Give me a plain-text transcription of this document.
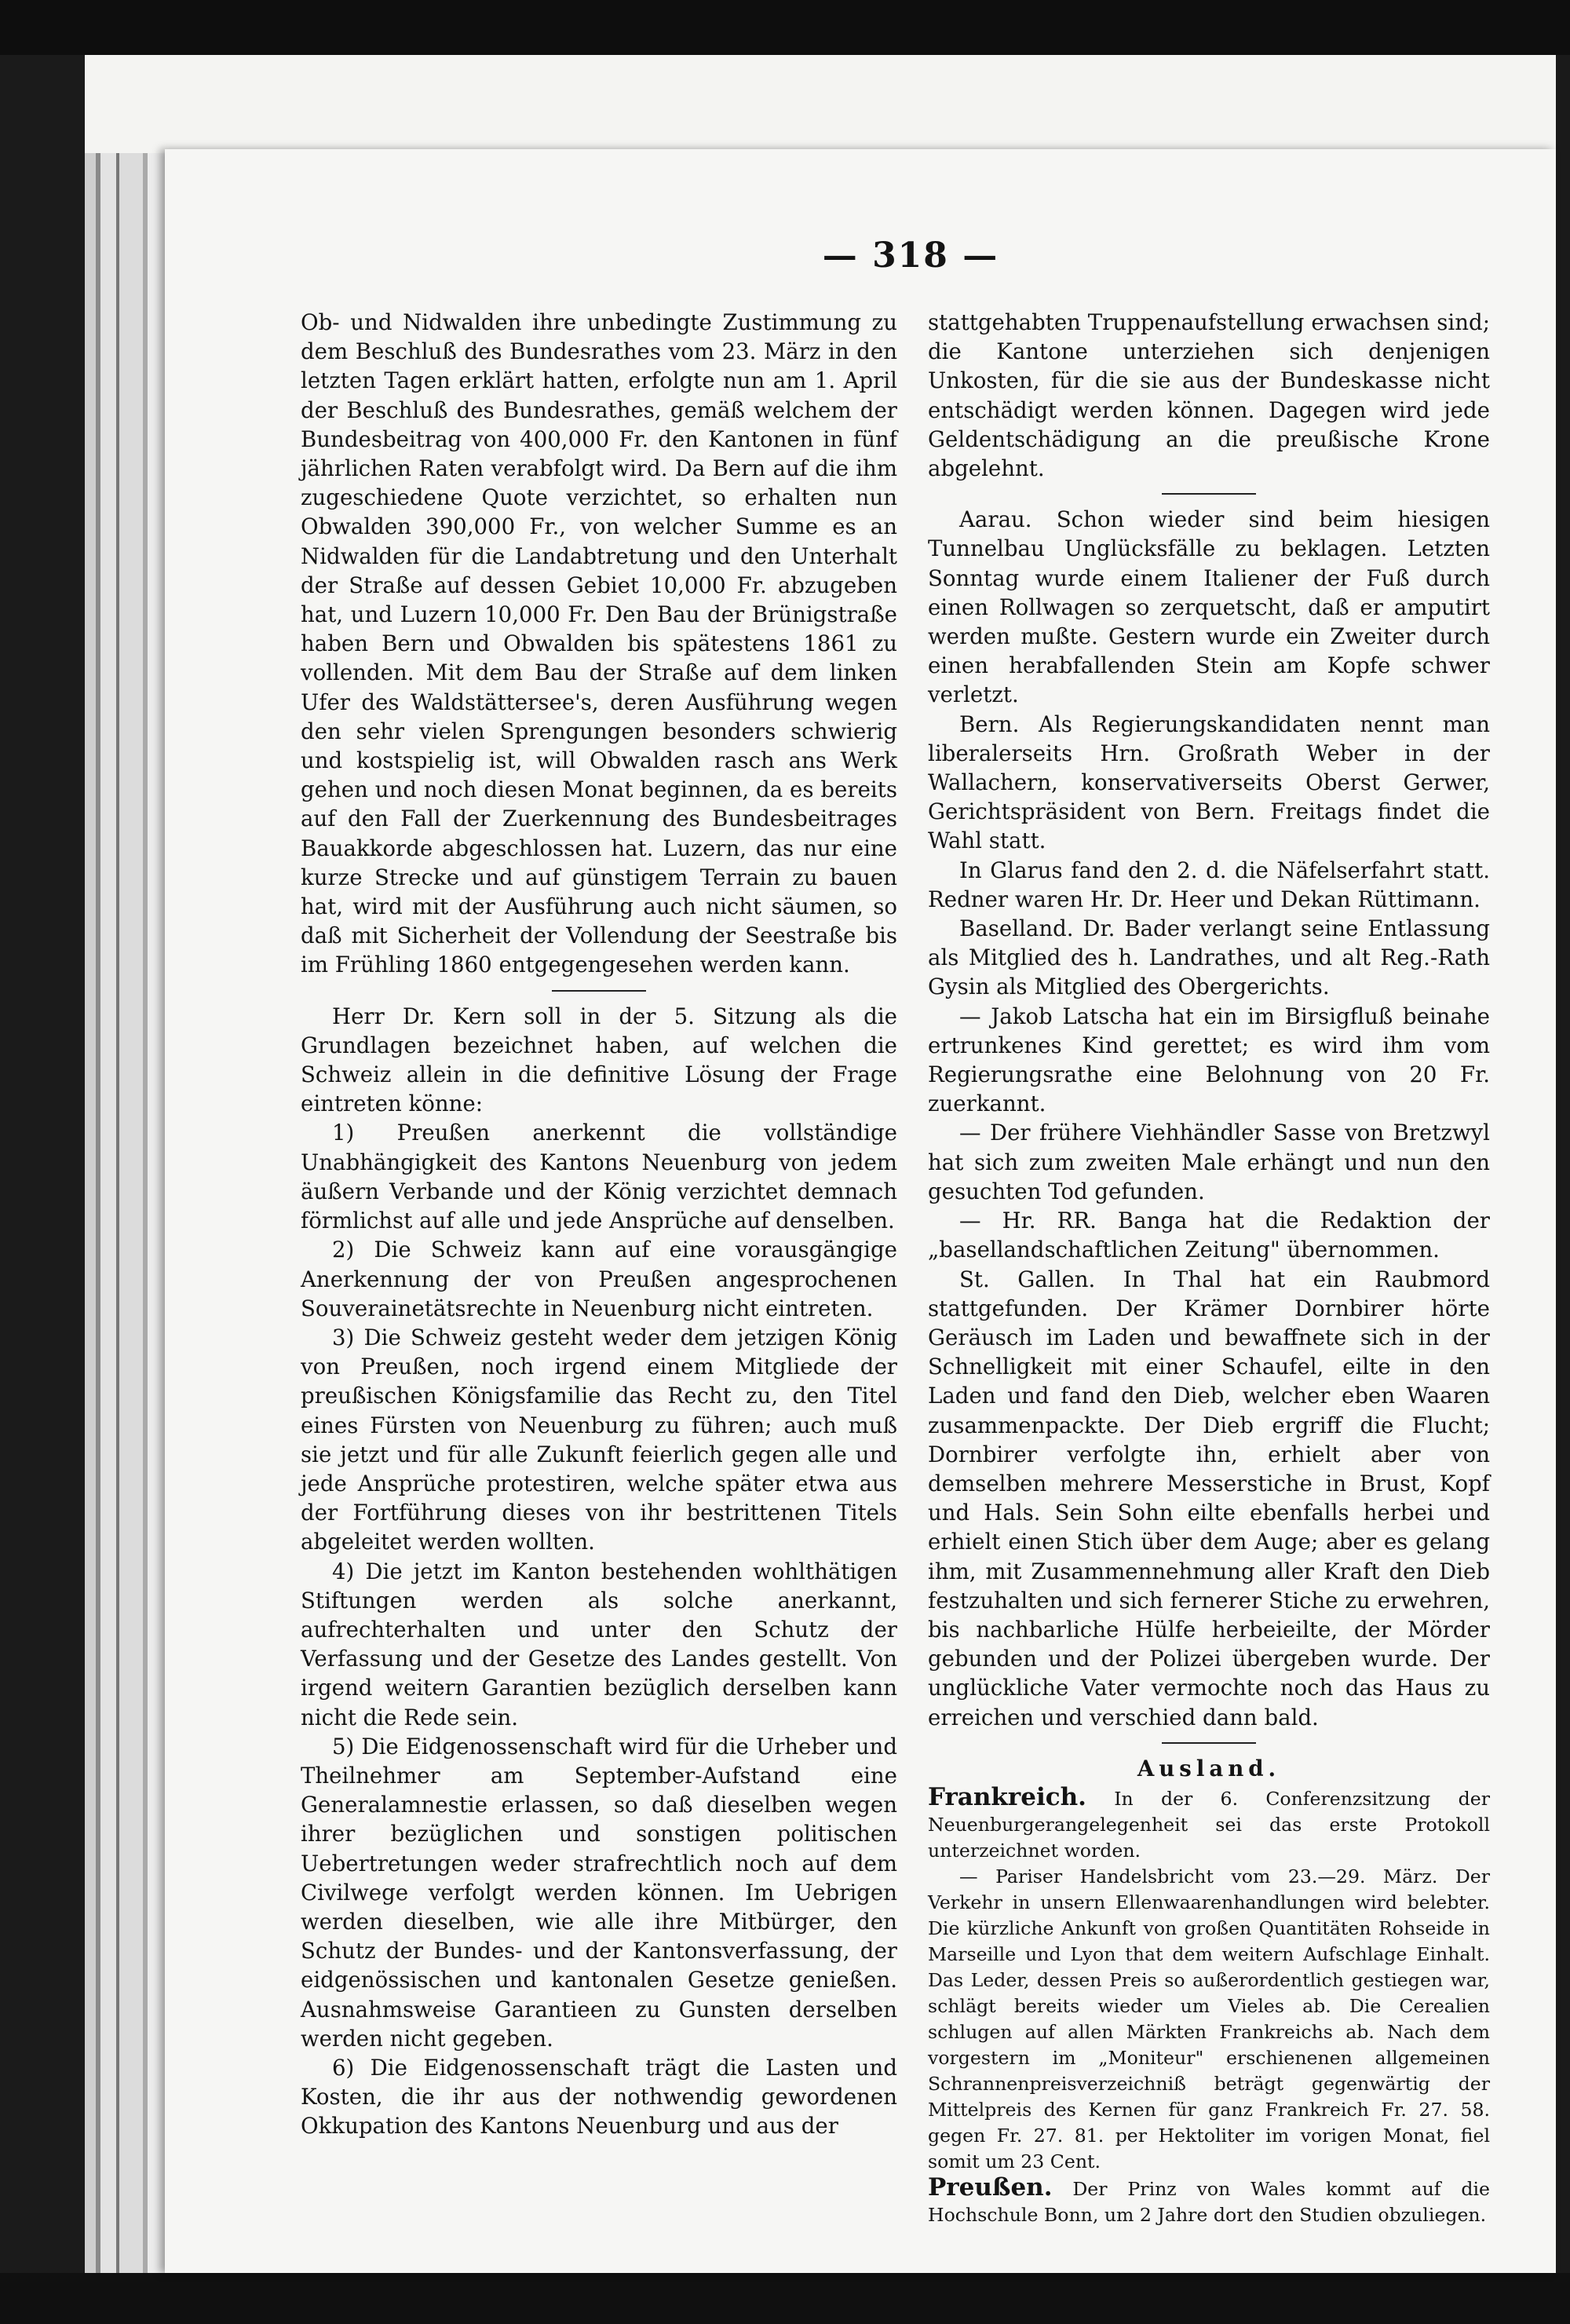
— 318 —

Ob- und Nidwalden ihre unbedingte Zustimmung zu dem Beschluß des Bundesrathes vom 23. März in den letzten Tagen erklärt hatten, erfolgte nun am 1. April der Beschluß des Bundesrathes, gemäß welchem der Bundesbeitrag von 400,000 Fr. den Kantonen in fünf jährlichen Raten verabfolgt wird. Da Bern auf die ihm zugeschiedene Quote verzichtet, so erhalten nun Obwalden 390,000 Fr., von welcher Summe es an Nidwalden für die Landabtretung und den Unterhalt der Straße auf dessen Gebiet 10,000 Fr. abzugeben hat, und Luzern 10,000 Fr. Den Bau der Brünigstraße haben Bern und Obwalden bis spätestens 1861 zu vollenden. Mit dem Bau der Straße auf dem linken Ufer des Waldstättersee's, deren Ausführung wegen den sehr vielen Sprengungen besonders schwierig und kostspielig ist, will Obwalden rasch ans Werk gehen und noch diesen Monat beginnen, da es bereits auf den Fall der Zuerkennung des Bundesbeitrages Bauakkorde abgeschlossen hat. Luzern, das nur eine kurze Strecke und auf günstigem Terrain zu bauen hat, wird mit der Ausführung auch nicht säumen, so daß mit Sicherheit der Vollendung der Seestraße bis im Frühling 1860 entgegengesehen werden kann.

Herr Dr. Kern soll in der 5. Sitzung als die Grundlagen bezeichnet haben, auf welchen die Schweiz allein in die definitive Lösung der Frage eintreten könne:

1) Preußen anerkennt die vollständige Unabhängigkeit des Kantons Neuenburg von jedem äußern Verbande und der König verzichtet demnach förmlichst auf alle und jede Ansprüche auf denselben.

2) Die Schweiz kann auf eine vorausgängige Anerkennung der von Preußen angesprochenen Souverainetätsrechte in Neuenburg nicht eintreten.

3) Die Schweiz gesteht weder dem jetzigen König von Preußen, noch irgend einem Mitgliede der preußischen Königsfamilie das Recht zu, den Titel eines Fürsten von Neuenburg zu führen; auch muß sie jetzt und für alle Zukunft feierlich gegen alle und jede Ansprüche protestiren, welche später etwa aus der Fortführung dieses von ihr bestrittenen Titels abgeleitet werden wollten.

4) Die jetzt im Kanton bestehenden wohlthätigen Stiftungen werden als solche anerkannt, aufrechterhalten und unter den Schutz der Verfassung und der Gesetze des Landes gestellt. Von irgend weitern Garantien bezüglich derselben kann nicht die Rede sein.

5) Die Eidgenossenschaft wird für die Urheber und Theilnehmer am September-Aufstand eine Generalamnestie erlassen, so daß dieselben wegen ihrer bezüglichen und sonstigen politischen Uebertretungen weder strafrechtlich noch auf dem Civilwege verfolgt werden können. Im Uebrigen werden dieselben, wie alle ihre Mitbürger, den Schutz der Bundes- und der Kantonsverfassung, der eidgenössischen und kantonalen Gesetze genießen. Ausnahmsweise Garantieen zu Gunsten derselben werden nicht gegeben.

6) Die Eidgenossenschaft trägt die Lasten und Kosten, die ihr aus der nothwendig gewordenen Okkupation des Kantons Neuenburg und aus der

stattgehabten Truppenaufstellung erwachsen sind; die Kantone unterziehen sich denjenigen Unkosten, für die sie aus der Bundeskasse nicht entschädigt werden können. Dagegen wird jede Geldentschädigung an die preußische Krone abgelehnt.

Aarau. Schon wieder sind beim hiesigen Tunnelbau Unglücksfälle zu beklagen. Letzten Sonntag wurde einem Italiener der Fuß durch einen Rollwagen so zerquetscht, daß er amputirt werden mußte. Gestern wurde ein Zweiter durch einen herabfallenden Stein am Kopfe schwer verletzt.

Bern. Als Regierungskandidaten nennt man liberalerseits Hrn. Großrath Weber in der Wallachern, konservativerseits Oberst Gerwer, Gerichtspräsident von Bern. Freitags findet die Wahl statt.

In Glarus fand den 2. d. die Näfelserfahrt statt. Redner waren Hr. Dr. Heer und Dekan Rüttimann.

Baselland. Dr. Bader verlangt seine Entlassung als Mitglied des h. Landrathes, und alt Reg.-Rath Gysin als Mitglied des Obergerichts.

— Jakob Latscha hat ein im Birsigfluß beinahe ertrunkenes Kind gerettet; es wird ihm vom Regierungsrathe eine Belohnung von 20 Fr. zuerkannt.

— Der frühere Viehhändler Sasse von Bretzwyl hat sich zum zweiten Male erhängt und nun den gesuchten Tod gefunden.

— Hr. RR. Banga hat die Redaktion der „basellandschaftlichen Zeitung" übernommen.

St. Gallen. In Thal hat ein Raubmord stattgefunden. Der Krämer Dornbirer hörte Geräusch im Laden und bewaffnete sich in der Schnelligkeit mit einer Schaufel, eilte in den Laden und fand den Dieb, welcher eben Waaren zusammenpackte. Der Dieb ergriff die Flucht; Dornbirer verfolgte ihn, erhielt aber von demselben mehrere Messerstiche in Brust, Kopf und Hals. Sein Sohn eilte ebenfalls herbei und erhielt einen Stich über dem Auge; aber es gelang ihm, mit Zusammennehmung aller Kraft den Dieb festzuhalten und sich fernerer Stiche zu erwehren, bis nachbarliche Hülfe herbeieilte, der Mörder gebunden und der Polizei übergeben wurde. Der unglückliche Vater vermochte noch das Haus zu erreichen und verschied dann bald.

Ausland.

Frankreich. In der 6. Conferenzsitzung der Neuenburgerangelegenheit sei das erste Protokoll unterzeichnet worden.

— Pariser Handelsbricht vom 23.—29. März. Der Verkehr in unsern Ellenwaarenhandlungen wird belebter. Die kürzliche Ankunft von großen Quantitäten Rohseide in Marseille und Lyon that dem weitern Aufschlage Einhalt. Das Leder, dessen Preis so außerordentlich gestiegen war, schlägt bereits wieder um Vieles ab. Die Cerealien schlugen auf allen Märkten Frankreichs ab. Nach dem vorgestern im „Moniteur" erschienenen allgemeinen Schrannenpreisverzeichniß beträgt gegenwärtig der Mittelpreis des Kernen für ganz Frankreich Fr. 27. 58. gegen Fr. 27. 81. per Hektoliter im vorigen Monat, fiel somit um 23 Cent.

Preußen. Der Prinz von Wales kommt auf die Hochschule Bonn, um 2 Jahre dort den Studien obzuliegen.
